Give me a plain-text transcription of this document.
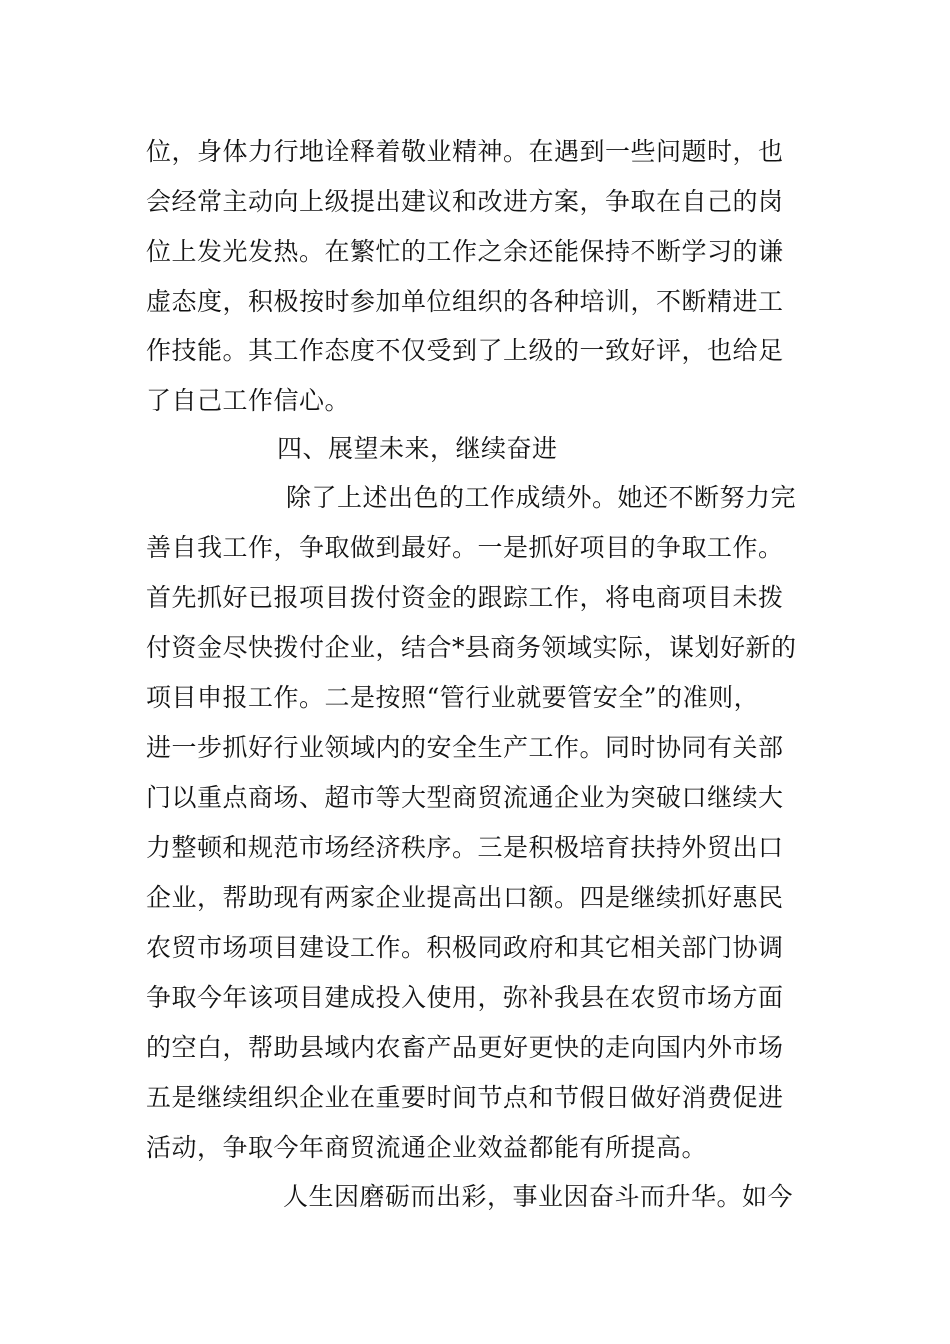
位，身体力行地诠释着敬业精神。在遇到一些问题时，也
会经常主动向上级提出建议和改进方案，争取在自己的岗
位上发光发热。在繁忙的工作之余还能保持不断学习的谦
虚态度，积极按时参加单位组织的各种培训，不断精进工
作技能。其工作态度不仅受到了上级的一致好评，也给足
了自己工作信心。
四、展望未来，继续奋进
除了上述出色的工作成绩外。她还不断努力完
善自我工作，争取做到最好。一是抓好项目的争取工作。
首先抓好已报项目拨付资金的跟踪工作，将电商项目未拨
付资金尽快拨付企业，结合*县商务领域实际，谋划好新的
项目申报工作。二是按照“管行业就要管安全”的准则，
进一步抓好行业领域内的安全生产工作。同时协同有关部
门以重点商场、超市等大型商贸流通企业为突破口继续大
力整顿和规范市场经济秩序。三是积极培育扶持外贸出口
企业，帮助现有两家企业提高出口额。四是继续抓好惠民
农贸市场项目建设工作。积极同政府和其它相关部门协调
争取今年该项目建成投入使用，弥补我县在农贸市场方面
的空白，帮助县域内农畜产品更好更快的走向国内外市场
五是继续组织企业在重要时间节点和节假日做好消费促进
活动，争取今年商贸流通企业效益都能有所提高。
人生因磨砺而出彩，事业因奋斗而升华。如今
